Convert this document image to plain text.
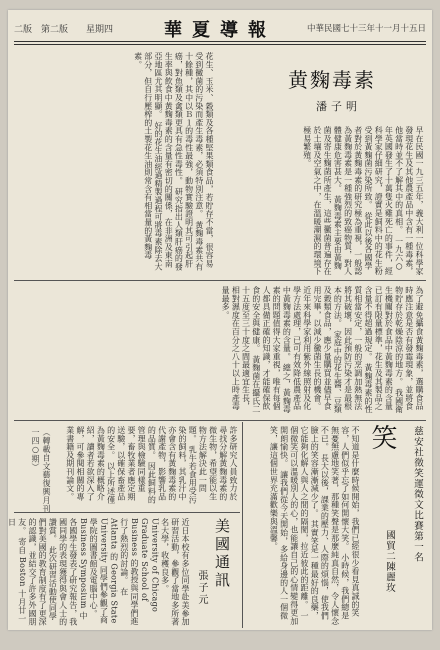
二版　第二版 星期四	華夏導報	中華民國七十三年十一月十五日
黄麴毒素
潘子明
早在民國一九三五年，義大利一位科學家發現花生及其他農產品中含有一種毒素，他當時並不了解其中的真相。 一九六○年英國發生了十萬隻火雞死亡的事件，經科學家仔細研究，證實是飼料中的花生粉受到黃麴菌污染所致。 從此以後各國學者對於黃麴毒素的研究極為重視，一般認為黃麴毒素是一種強烈的致癌物質，對人體健康危害甚大。 黃麴毒素主要由黃麴菌及寄生麴菌所產生，這些黴菌普遍存在於土壤及空氣之中，在溫暖潮濕的環境下極易繁殖。
花生、玉米、穀類及各種堅果類食品，若貯存不當，很容易受到黴菌的污染而產生毒素，必須特別注意。 黃麴毒素共有十餘種，其中以Ｂ１的毒性最強，動物實驗證明其可引起肝癌，對魚類及禽類更具有急性毒性。 研究指出人類肝癌的發生率與飲食中黃麴毒素的含量有密切的關係，在非洲及東南亞地區尤其明顯。 好的花生油經過精製過程可將毒素除去大部分，但自行壓榨的土製花生油則常含有相當量的黃麴毒素。
為了避免攝食黃麴毒素，選購食品時應注意是否有發霉現象，並將食物貯存於乾燥陰涼的地方。 我國衛生機關對於食品中黃麴毒素的含量已訂有限量標準，花生及其製品之含量不得超過規定。 黃麴毒素的性質相當安定，一般的烹調加熱無法將其破壞，因此預防污染才是最根本的方法。 家庭中的花生醬、豆類及穀類食品，應少量購買並儘早食用完畢，以減少黴菌生長的機會。 近年來科學家利用紫外線照射及化學方法處理，已可有效降低農產品中黃麴毒素的含量。 總之，黃麴毒素的問題值得大家重視，唯有每個人都具備正確的知識，才能確保飲食的安全與健康。 黃麴菌在攝氏二十五度至三十度之間最適宜生長，相對濕度在百分之八十以上時產毒量最多。
許多研究人員致力於尋找分解黃麴毒素的微生物，希望能以生物方法解決此一問題。 乳牛若食用受污染的飼料，其乳汁中亦會含有黃麴毒素的代謝產物，影響乳品的品質。 因此飼料的管理與檢驗同樣重要，畜牧業者應定期送驗，以確保畜產品的安全。 以上所述僅為黃麴毒素的概略介紹，讀者若欲深入了解，可參閱相關的專業書籍及期刊論文。
（轉載自文藝復興月刊一四○期）	慈安社徵笑運徵文比賽第一名
笑
國貿二陳麗玫
不知道是什麼時候開始，我們已經很少看見真誠的笑容，人們似乎忘了如何開懷大笑。 小時候，我們總是無憂無慮地笑著，那種笑聲是那麼純真自然，令人懷念不已。 長大以後，課業的壓力、人際的煩惱，使我們臉上的笑容漸漸減少了。 其實笑是一種最好的良藥，它能夠化解人與人之間的隔閡，拉近彼此的距離。 一個微笑可以溫暖別人的心，也能讓自己的心情變得更加開朗愉快。 讓我們從今天開始，多給身邊的人一個微笑，讓這個世界充滿歡樂與溫馨。
美國通訊
張子元
近日本校有多位同學赴美參加研習活動，參觀了當地多所著名大學，收穫良多。 University of Chicago Graduate School of Business 的教授與同學們進行了熱烈的討論。 在 Atlanta 的 Georgia State University 同學們參觀了商學院的圖書館及電腦中心。 Business Symposium 中各國學生發表了研究報告，我國同學的表現獲得與會人士的讚賞。 此次研習活動使同學們對美國的教育制度有了更深的認識，並結交了許多外國朋友。 寄自 Boston 十月廿一日
